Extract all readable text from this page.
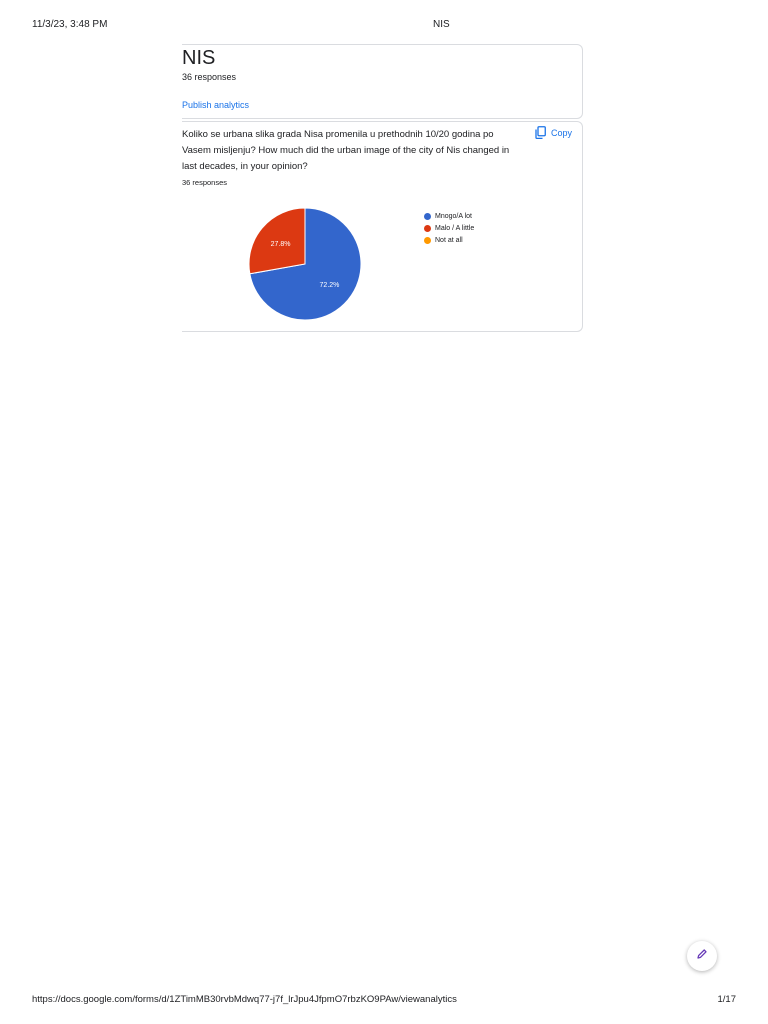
11/3/23, 3:48 PM	NIS
NIS
36 responses
Publish analytics
Koliko se urbana slika grada Nisa promenila u prethodnih 10/20 godina po Vasem misljenju? How much did the urban image of the city of Nis changed in last decades, in your opinion?
Copy
36 responses
72.2%
27.8%
Mnogo/A lot
Malo / A little
Not at all
https://docs.google.com/forms/d/1ZTimMB30rvbMdwq77-j7f_lrJpu4JfpmO7rbzKO9PAw/viewanalytics	1/17
